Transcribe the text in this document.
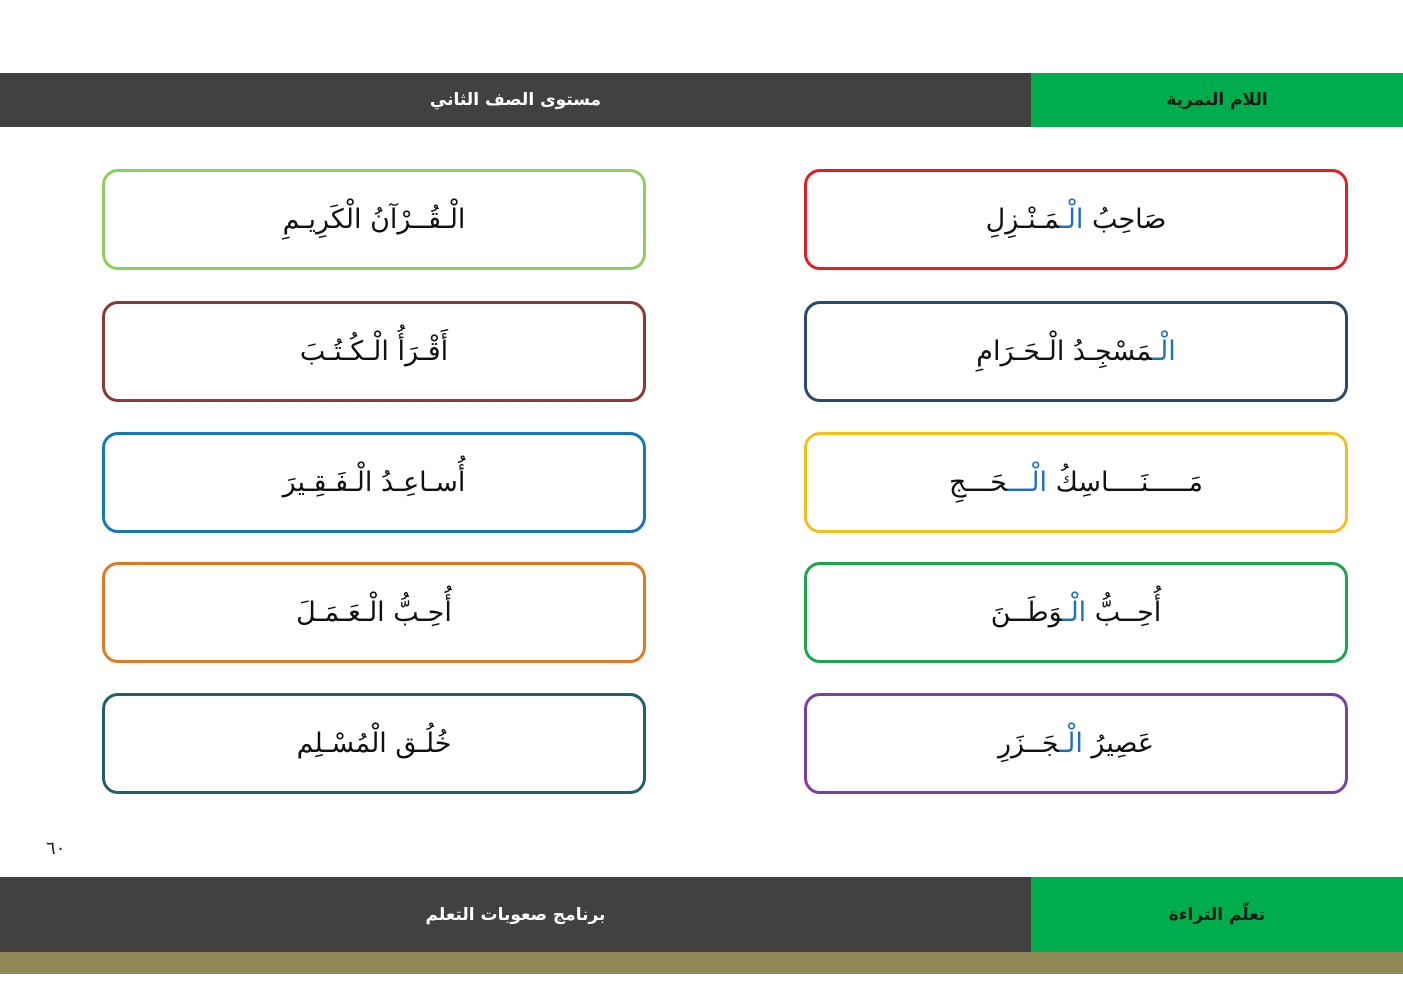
مستوى الصف الثاني	اللام التمرية
صَاحِبُ الْـمَـنْـزِلِ
الْـمَسْجِـدُ الْـحَـرَامِ
مَـــــنَــــاسِكُ الْـــحَـــجِ
أُحِــبُّ الْـوَطَــنَ
عَصِيرُ الْـجَــزَرِ
الْـقُــرْآنُ الْكَرِيـمِ
أَقْـرَأُ الْـكُـتُـبَ
أُسـاعِـدُ الْـفَـقِـيرَ
أُحِـبُّ الْـعَـمَـلَ
خُلُـق الْمُسْـلِم
٦٠
برنامج صعوبات التعلم	تعلّم التراءة
